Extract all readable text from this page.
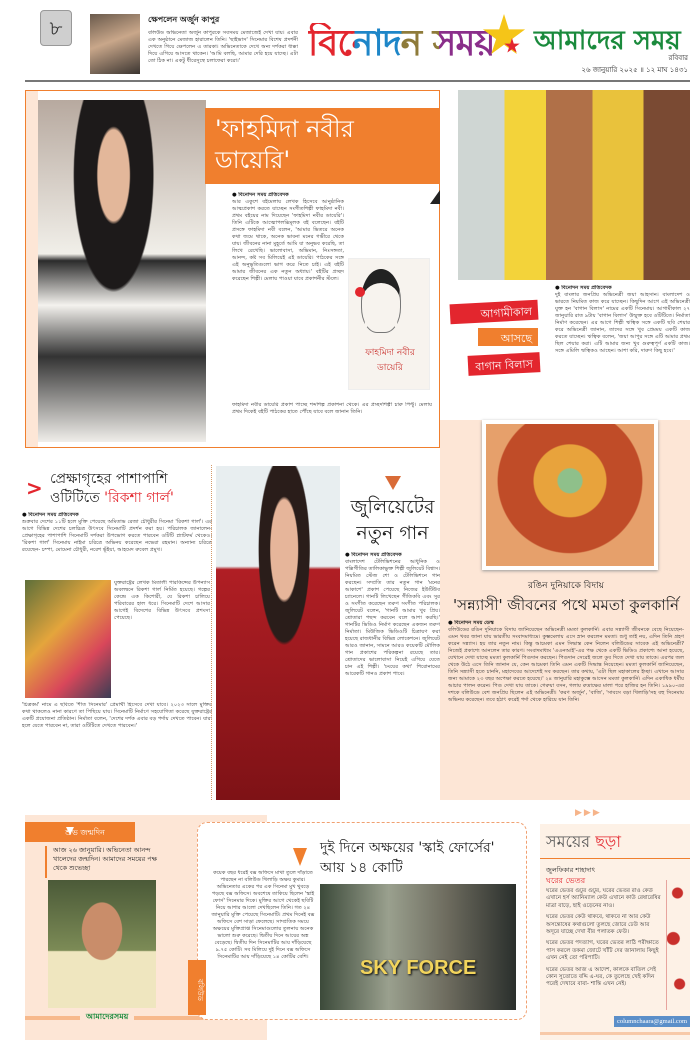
৮	ক্ষেপলেন অর্জুন কাপুর
বলিউড অভিনেতা অর্জুন কাপুরকে সবসময় মেজাজেই দেখা যায়। এবার এক অনুষ্ঠানে মেজাজ হারালেন তিনি। 'ছাইভাস' সিনেমার বিশেষ প্রদর্শনী দেখতে গিয়ে ক্ষেপলেন এ তারকা। অভিনেতাকে দেখে অন্য দর্শকরা ধাক্কা দিয়ে এগিয়ে আসতে থাকেন। 'আমি বলছি, আমার দেরি হয়ে যাচ্ছে। এটা তো ঠিক না। একটু ধীরেসুস্থে চলাফেরা করো।'	বিনোদন সময় আমাদের সময়
রবিবার
২৬ জানুয়ারি ২০২৫ ॥ ১২ মাঘ ১৪৩১
ফাহমিদা নবীর ডায়েরি
'ফাহমিদা নবীর ডায়েরি'
● বিনোদন সময় প্রতিবেদক
আর একুশে বইমেলায় লেখক হিসেবে আনুষ্ঠানিক আত্মপ্রকাশ করতে যাচ্ছেন সংগীতশিল্পী ফাহমিদা নবী। প্রথম বইয়ের নাম দিয়েছেন 'ফাহমিদা নবীর ডায়েরি'। তিনি এটিকে আত্মোপলব্ধিমূলক বই বলেছেন। বইটি প্রসঙ্গে ফাহমিদা নবী বলেন, 'আমার ভিতরে অনেক কথা জমে থাকে, অনেক ভাবনা মনের গভীরে থেকে যায়। জীবনের নানা মুহূর্তে আমি যা অনুভব করেছি, তা লিখে রেখেছি। ভালোবাসা, অভিমান, নিঃসঙ্গতা, আনন্দ, কষ্ট সব মিলিয়েই এই ডায়েরি। পাঠকের সঙ্গে এই অনুভূতিগুলো ভাগ করে নিতে চাই। এই বইটি আমার জীবনের এক নতুন অধ্যায়।' বইটির প্রচ্ছদ করেছেন শিল্পী। মেলায় পাওয়া যাবে প্রকাশনীর স্টলে।
ফাহমিদা নবীর ডায়েরি প্রকাশ পাচ্ছে শব্দশিল্প প্রকাশনা থেকে। এর প্রচ্ছদশিল্পী চারু পিন্টু। মেলায় প্রথম দিকেই বইটি পাঠকের হাতে পৌঁছে যাবে বলে জানান তিনি।
আগামীকাল
আসছে
বাগান বিলাস
● বিনোদন সময় প্রতিবেদক
দুই বাংলার জনপ্রিয় অভিনেত্রী জয়া আহসান। বাংলাদেশ ও ভারতে নিয়মিত কাজ করে যাচ্ছেন। কিছুদিন আগে এই অভিনেত্রী যুক্ত হন 'বাগান বিলাস' নামের একটি সিনেমায়। আগামীকাল ২৭ জানুয়ারি রাত ৯টায় 'বাগান বিলাস' উন্মুক্ত হবে ওটিটিতে। নির্মাতা নির্মাণ করেছেন। এর আগে শিল্পী ঋত্বিক সঙ্গে একটি ছবি শেয়ার করে অভিনেত্রী জানান, তাদের সঙ্গে খুব প্রেমময় একটি কাজ করতে যাচ্ছেন। ঋত্বিক বলেন, 'জয়া আপুর সঙ্গে এটি আমার প্রথম ছিল শেয়ার করা। এটি আমার জন্য খুব গুরুত্বপূর্ণ একটি কাজ। সঙ্গে এমিলি ঋত্বিকও আছেন। আশা করি, দারুণ কিছু হবে।'
রঙিন দুনিয়াকে বিদায়
'সন্ন্যাসী' জীবনের পথে মমতা কুলকার্নি
● বিনোদন সময় ডেস্ক
বলিউডের রঙিন দুনিয়াকে বিদায় জানিয়েছেন অভিনেত্রী মমতা কুলকার্নি। এবার সন্ন্যাসী জীবনকে বেছে নিয়েছেন- এমন খবর জানা যায় ভারতীয় সংবাদমাধ্যমে। কুম্ভমেলায় এসে স্নান করলেন মমতা। শুধু তাই নয়, এদিন তিনি গ্রহণ করেন সন্ন্যাস। হয় তার নতুন নাম। কিন্তু আচমকা এমন সিদ্ধান্ত কেন নিলেন বলিউডের সাবেক এই অভিনেত্রী? নিজেই প্রকাশ্যে আনলেন তার কারণ। সংবাদমাধ্যম 'এএনআই'-এর পক্ষ থেকে একটি ভিডিও প্রকাশ্যে আনা হয়েছে, যেখানে দেখা যাচ্ছে মমতা কুলকার্নি পিণ্ডদান করছেন। পিণ্ডদান সেরেই জলে ডুব দিতে দেখা যায় তাকে। এরপর জল থেকে উঠে এসে তিনি জানান যে, কেন আচমকা তিনি এমন একটি সিদ্ধান্ত নিয়েছেন। মমতা কুলকার্নি জানিয়েছেন, তিনি সন্ন্যাসী হতে চাননি, মহাদেবের আদেশেই সব করছেন। তার কথায়, 'এটা ছিল মহাকালের ইচ্ছা। এখানে আসার জন্য আমাকে ২৩ বছর অপেক্ষা করতে হয়েছে।' ২৪ জানুয়ারি মহাকুম্ভে আসেন মমতা কুলকার্নি। এদিন একাধিক ধর্মীয় আচার পালন করেন। পিণ্ড দেখা যায় তাকে। গেরুয়া বসন, গলায় রুদ্রাক্ষের মালা পরে হাজির হন তিনি। ১৯৯০-এর দশকে বলিউডে বেশ জনপ্রিয় ছিলেন এই অভিনেত্রী। 'করণ অর্জুন', 'বাজি', 'সাবসে বড়া খিলাড়ি'সহ বহু সিনেমায় অভিনয় করেছেন। তবে হঠাৎ করেই পর্দা থেকে হারিয়ে যান তিনি।
> প্রেক্ষাগৃহের পাশাপাশি
ওটিটিতে 'রিকশা গার্ল'
● বিনোদন সময় প্রতিবেদক
শুক্রবার দেশের ১১টি হলে মুক্তি পেয়েছে অমিতাভ রেজা চৌধুরীর সিনেমা 'রিকশা গার্ল'। এর আগে বিভিন্ন দেশের চলচ্চিত্র উৎসবে সিনেমাটি প্রদর্শন করা হয়। পরিচালক জানালেন- প্রেক্ষাগৃহের পাশাপাশি সিনেমাটি দর্শকরা উপভোগ করতে পারবেন ওটিটি প্ল্যাটফর্ম থেকেও। 'রিকশা গার্ল' সিনেমায় নাইমা চরিত্রে অভিনয় করেছেন নভেরা রহমান। অন্যান্য চরিত্রে রয়েছেন- চম্পা, মোমেনা চৌধুরী, নরেশ ভূঁইয়া, আহমেদ রুবেল প্রমুখ।
যুক্তরাষ্ট্রের লেখক মিতালী পারকিন্সের উপন্যাস অবলম্বনে রিকশা গার্ল নির্মিত হয়েছে। গল্পের কেন্দ্রে এক কিশোরী, যে রিকশা চালিয়ে পরিবারের হাল ধরে। সিনেমাটি দেশে আসার আগেই বিদেশের বিভিন্ন উৎসবে প্রশংসা পেয়েছে।
'চিত্রকর্ম' নামে এ ছবিতে 'শীত সিনেমার' প্রেমার্থী হিসেবে দেখা যাবে। ২০২৩ সালে মুক্তির কথা থাকলেও নানা কারণে তা পিছিয়ে যায়। সিনেমাটি নির্মাণে সহযোগিতা করেছে যুক্তরাষ্ট্রের একটি প্রযোজনা প্রতিষ্ঠান। নির্মাতা বলেন, 'দেশের দর্শক এবার বড় পর্দায় দেখতে পাবেন। যারা হলে যেতে পারবেন না, তারা ওটিটিতে দেখতে পারবেন।'
জুলিয়েটের নতুন গান
● বিনোদন সময় প্রতিবেদক
বাংলাদেশ টেলিভিশনের আধুনিক ও পল্লিগীতির তালিকাভুক্ত শিল্পী জুলিয়েট বিশ্বাস। নিয়মিত স্টেজ শো ও টেলিভিশনে গান করছেন। সম্প্রতি তার নতুন গান 'মনের আকাশে' প্রকাশ পেয়েছে নিজের ইউটিউব চ্যানেলে। গানটি লিখেছেন গীতিকবি এবং সুর ও সংগীত করেছেন তরুণ সংগীত পরিচালক। জুলিয়েট বলেন, 'গানটি আমার খুব প্রিয়। শ্রোতারা পছন্দ করবেন বলে আশা করছি।' গানটির ভিডিও নির্মাণ করেছেন একজন তরুণ নির্মাতা। মিউজিক ভিডিওটি চিত্রায়ণ করা হয়েছে রাজধানীর বিভিন্ন লোকেশনে। জুলিয়েট আরও জানান, সামনে আরও কয়েকটি মৌলিক গান প্রকাশের পরিকল্পনা রয়েছে তার। শ্রোতাদের ভালোবাসা নিয়েই এগিয়ে যেতে চান এই শিল্পী। 'ঢংয়ের কথা' শিরোনামের আরেকটি গানও প্রকাশ পাবে।
শুভ জন্মদিন
আজ ২৬ জানুয়ারি। অভিনেতা আনন্দ খালেদের জন্মদিন। আমাদের সময়ের পক্ষ থেকে শুভেচ্ছা
আমাদেরসময়
বলিউড
কয়েক বছর ধরেই বক্স অফিসে মাথা তুলে দাঁড়াতে পারছেন না বলিউড খিলাড়ি অক্ষয় কুমার। অভিনেতার একের পর এক সিনেমা মুখ থুবড়ে পড়ছে বক্স অফিসে। অবশেষে তাকিয়ে ছিলেন 'স্কাই ফোর্স' সিনেমার দিকে। মুক্তির আগে থেকেই ছবিটি নিয়ে আশার আলো দেখছিলেন তিনি। গত ২৪ জানুয়ারি মুক্তি পেয়েছে সিনেমাটি। প্রথম দিনেই বক্স অফিসে বেশ সাড়া ফেলেছে। সাম্প্রতিক সময়ে অক্ষয়ের মুক্তিপ্রাপ্ত সিনেমাগুলোর তুলনায় অনেক ভালো শুরু করেছে। দ্বিতীয় দিনে আয়ের অঙ্ক বেড়েছে। দ্বিতীয় দিন সিনেমাটির আয় দাঁড়িয়েছে ৯.৭৫ কোটি। সব মিলিয়ে দুই দিনে বক্স অফিসে সিনেমাটির আয় দাঁড়িয়েছে ১৪ কোটির বেশি।
দুই দিনে অক্ষয়ের 'স্কাই ফোর্সের' আয় ১৪ কোটি
SKY FORCE
▶▶▶
সময়ের ছড়া
জুলফিকার শাহাদাৎ
ঘরের ভেতর

ঘরের ভেতর গুটুর গুটুর, ঘরের ভেতর রাও কেউ এখানে হর্স অ্যানিম্যাল কেউ এখানে কাউ রেষারেষির মাত্রা বাড়ে, ছাই ওড়েনের নাও।

ঘরের ভেতর কেউ থাকবে, থাকবে না আর কেউ অসন্তোষের কথাগুলো তুলছে জোরে ঢেউ আর অদূরে যাচ্ছে দেখা বীর পলাতক ফেউ।

ঘরের ভেতর পদত্যাগ, ঘরের ভেতর লাঠি পরীক্ষাতে পাস করলে তকমা জোটে খাঁটি দের জানালায় কিছুই এখন নেই তো পরিপাটি।

ঘরের ভেতর আজ এ আদেশ, কালকে বাতিল সেই কোন সুতোতে বদ্দি এ-ঘর, কে তুলেছে খেই কদিন পরেই দেখাবে বাবা- শান্তি এখন নেই।

columnchaara@gmail.com
